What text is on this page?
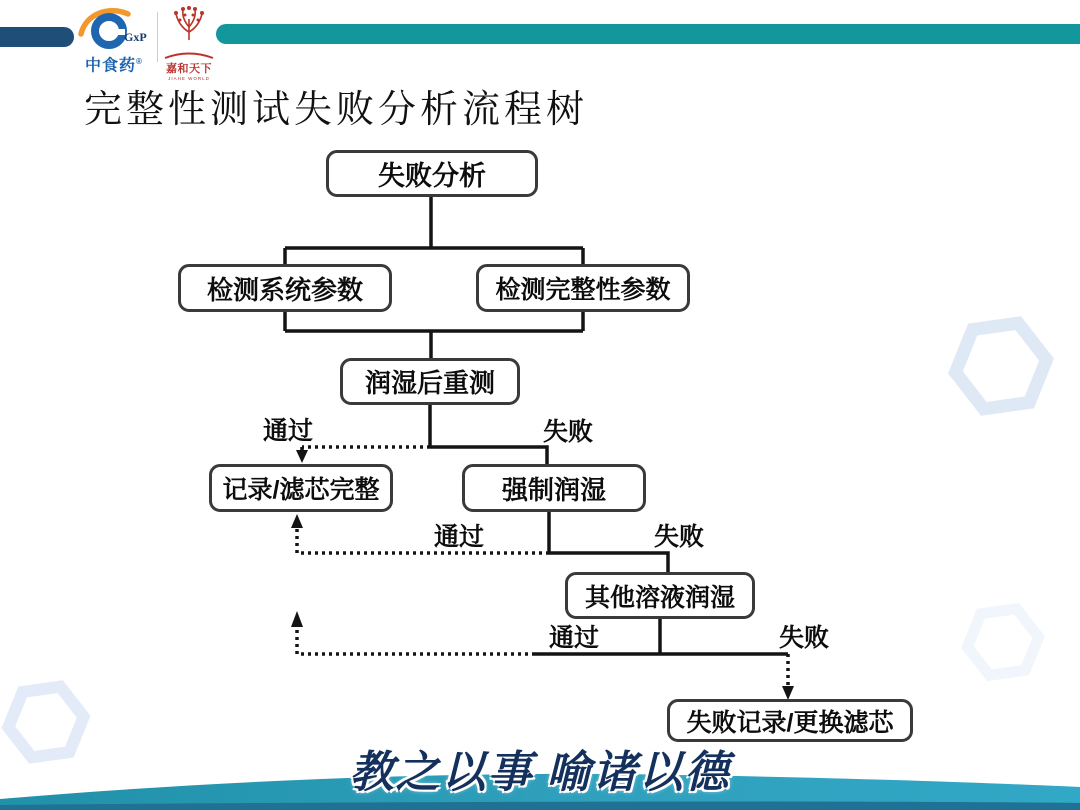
GxP
中食药®

嘉和天下
JIAHE WORLD
完整性测试失败分析流程树
失败分析
检测系统参数	检测完整性参数
润湿后重测
记录/滤芯完整	强制润湿
其他溶液润湿
失败记录/更换滤芯
通过	失败
通过	失败
通过	失败
教之以事 喻诸以德
